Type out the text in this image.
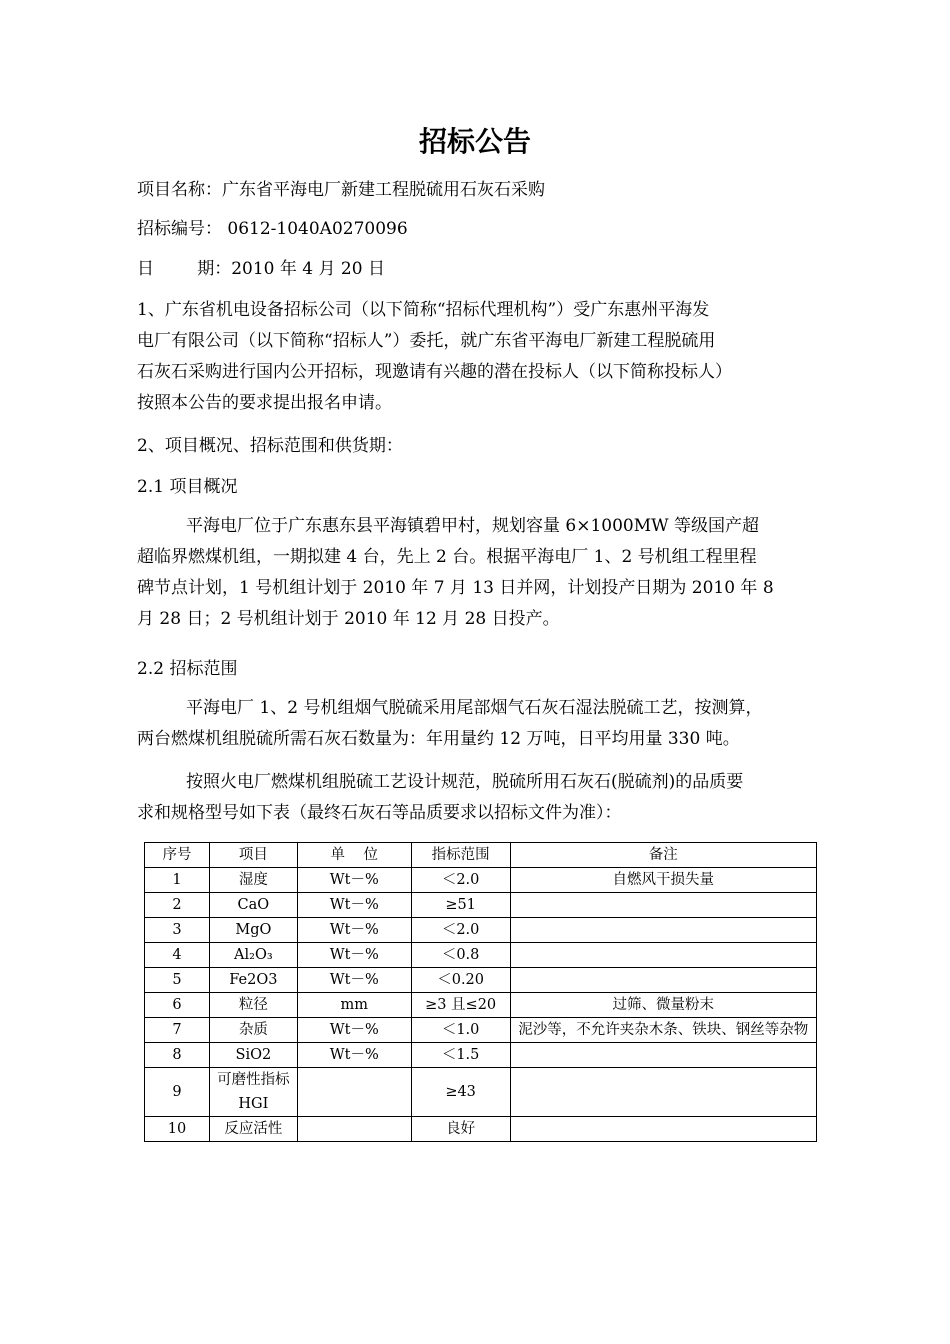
招标公告
项目名称：广东省平海电厂新建工程脱硫用石灰石采购
招标编号： 0612-1040A0270096
日        期：2010 年 4 月 20 日
1、广东省机电设备招标公司（以下简称“招标代理机构”）受广东惠州平海发
电厂有限公司（以下简称“招标人”）委托，就广东省平海电厂新建工程脱硫用
石灰石采购进行国内公开招标，现邀请有兴趣的潜在投标人（以下简称投标人）
按照本公告的要求提出报名申请。
2、项目概况、招标范围和供货期：
2.1 项目概况
平海电厂位于广东惠东县平海镇碧甲村，规划容量 6×1000MW 等级国产超
超临界燃煤机组，一期拟建 4 台，先上 2 台。根据平海电厂 1、2 号机组工程里程
碑节点计划，1 号机组计划于 2010 年 7 月 13 日并网，计划投产日期为 2010 年 8
月 28 日；2 号机组计划于 2010 年 12 月 28 日投产。
2.2 招标范围
平海电厂 1、2 号机组烟气脱硫采用尾部烟气石灰石湿法脱硫工艺，按测算，
两台燃煤机组脱硫所需石灰石数量为：年用量约 12 万吨，日平均用量 330 吨。
按照火电厂燃煤机组脱硫工艺设计规范，脱硫所用石灰石(脱硫剂)的品质要
求和规格型号如下表（最终石灰石等品质要求以招标文件为准）：
序号	项目	单    位	指标范围	备注
1	湿度	Wt－%	＜2.0	自燃风干损失量
2	CaO	Wt－%	≥51	
3	MgO	Wt－%	＜2.0	
4	Al₂O₃	Wt－%	＜0.8	
5	Fe2O3	Wt－%	＜0.20	
6	粒径	mm	≥3 且≤20	过筛、微量粉末
7	杂质	Wt－%	＜1.0	泥沙等，不允许夹杂木条、铁块、钢丝等杂物
8	SiO2	Wt－%	＜1.5	
9	可磨性指标 HGI		≥43	
10	反应活性		良好	
